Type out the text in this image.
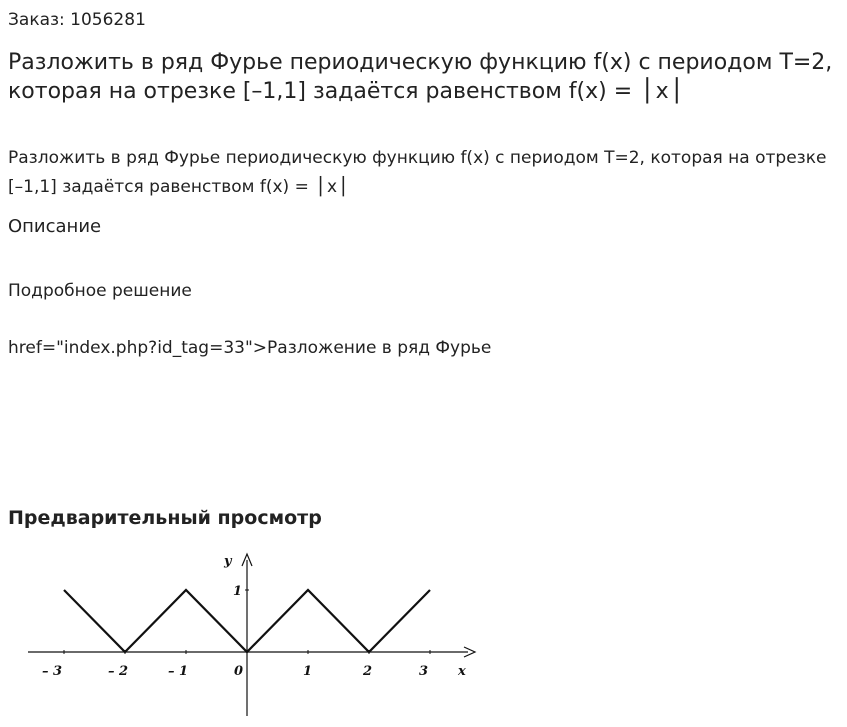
Заказ: 1056281
Разложить в ряд Фурье периодическую функцию f(x) с периодом T=2, которая на отрезке [–1,1] задаётся равенством f(x) = ⎪x⎪
Разложить в ряд Фурье периодическую функцию f(x) с периодом T=2, которая на отрезке [–1,1] задаётся равенством f(x) = ⎪x⎪
Описание
Подробное решение
href="index.php?id_tag=33">Разложение в ряд Фурье
Предварительный просмотр
y
x
1
– 3	– 2	– 1	0	1	2	3
